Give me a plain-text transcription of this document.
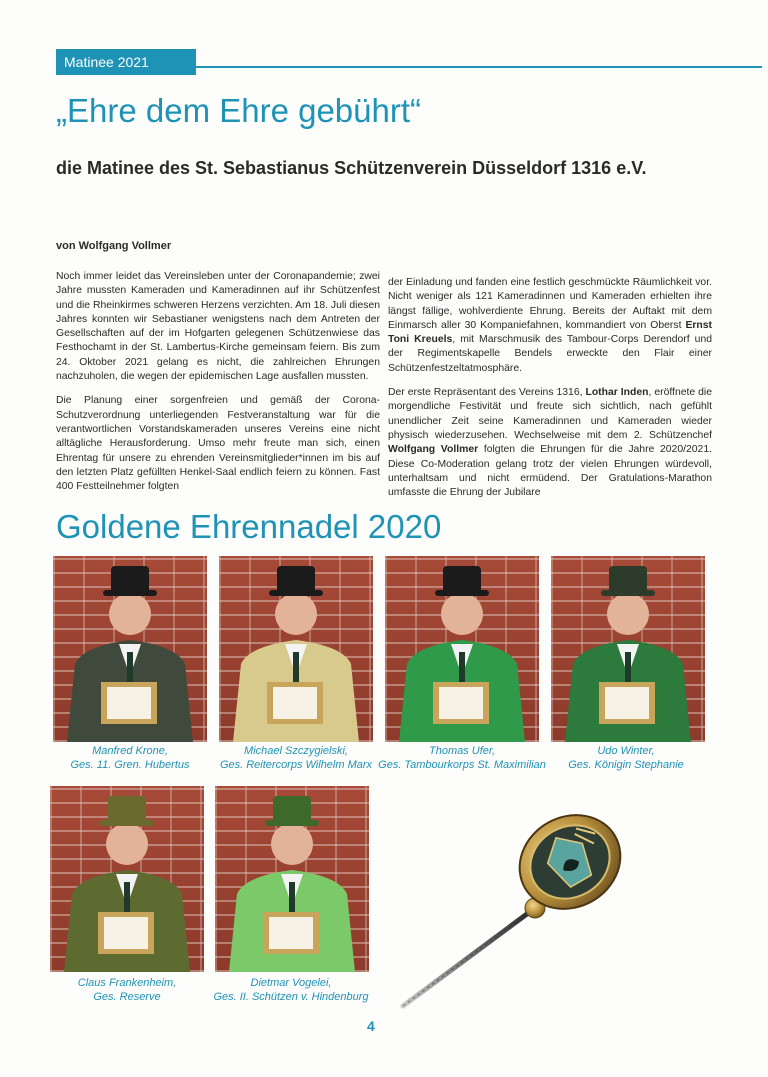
Matinee 2021
„Ehre dem Ehre gebührt“
die Matinee des St. Sebastianus Schützenverein Düsseldorf 1316 e.V.
von Wolfgang Vollmer

Noch immer leidet das Vereinsleben unter der Coronapandemie; zwei Jahre mussten Kameraden und Kameradinnen auf ihr Schützenfest und die Rheinkirmes schweren Herzens verzichten. Am 18. Juli diesen Jahres konnten wir Sebastianer wenigstens nach dem Antreten der Gesellschaften auf der im Hofgarten gelegenen Schützenwiese das Festhochamt in der St. Lambertus-Kirche gemeinsam feiern. Bis zum 24. Oktober 2021 gelang es nicht, die zahlreichen Ehrungen nachzuholen, die wegen der epidemischen Lage ausfallen mussten.

Die Planung einer sorgenfreien und gemäß der Corona-Schutzverordnung unterliegenden Festveranstaltung war für die verantwortlichen Vorstandskameraden unseres Vereins eine nicht alltägliche Herausforderung. Umso mehr freute man sich, einen Ehrentag für unsere zu ehrenden Vereinsmitglieder*innen im bis auf den letzten Platz gefüllten Henkel-Saal endlich feiern zu können. Fast 400 Festteilnehmer folgten

der Einladung und fanden eine festlich geschmückte Räumlichkeit vor. Nicht weniger als 121 Kameradinnen und Kameraden erhielten ihre längst fällige, wohlverdiente Ehrung. Bereits der Auftakt mit dem Einmarsch aller 30 Kompaniefahnen, kommandiert von Oberst Ernst Toni Kreuels, mit Marschmusik des Tambour-Corps Derendorf und der Regimentskapelle Bendels erweckte den Flair einer Schützenfestzeltatmosphäre.

Der erste Repräsentant des Vereins 1316, Lothar Inden, eröffnete die morgendliche Festivität und freute sich sichtlich, nach gefühlt unendlicher Zeit seine Kameradinnen und Kameraden wieder physisch wiederzusehen. Wechselweise mit dem 2. Schützenchef Wolfgang Vollmer folgten die Ehrungen für die Jahre 2020/2021. Diese Co-Moderation gelang trotz der vielen Ehrungen würdevoll, unterhaltsam und nicht ermüdend. Der Gratulations-Marathon umfasste die Ehrung der Jubilare

Goldene Ehrennadel 2020
Manfred Krone,
Ges. 11. Gren. Hubertus
Michael Szczygielski,
Ges. Reitercorps Wilhelm Marx
Thomas Ufer,
Ges. Tambourkorps St. Maximilian
Udo Winter,
Ges. Königin Stephanie
Claus Frankenheim,
Ges. Reserve
Dietmar Vogelei,
Ges. II. Schützen v. Hindenburg
4
